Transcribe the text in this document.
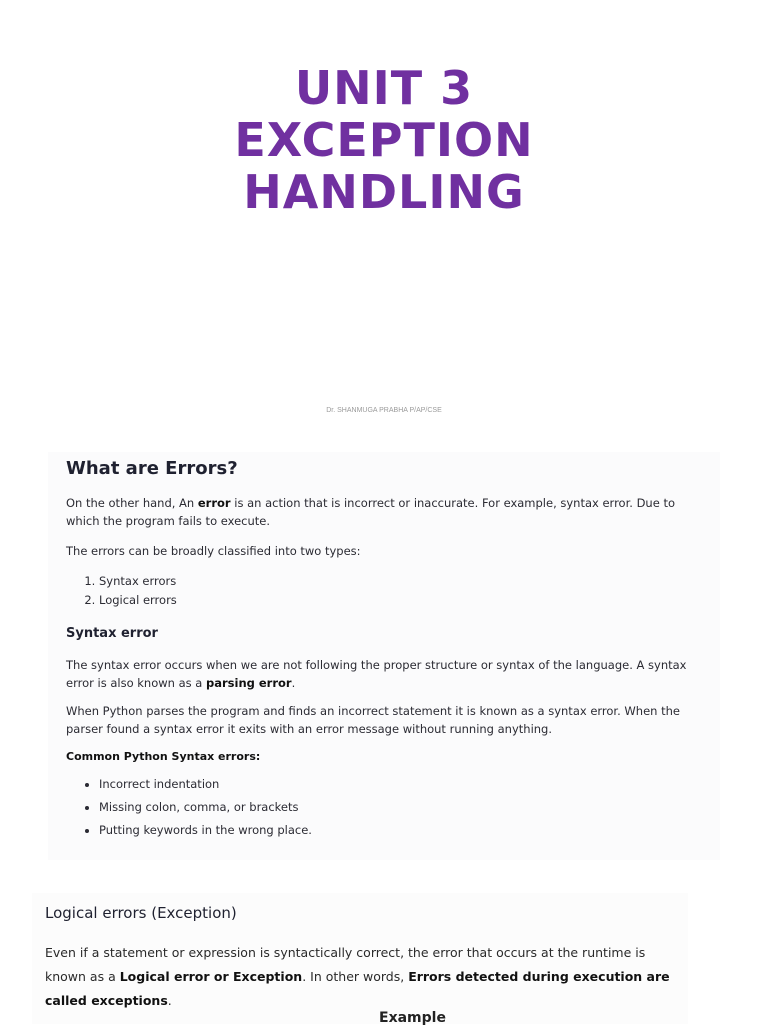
UNIT 3
EXCEPTION
HANDLING
Dr. SHANMUGA PRABHA P/AP/CSE
What are Errors?

On the other hand, An error is an action that is incorrect or inaccurate. For example, syntax error. Due to which the program fails to execute.

The errors can be broadly classified into two types:

1. Syntax errors
2. Logical errors
Syntax error

The syntax error occurs when we are not following the proper structure or syntax of the language. A syntax error is also known as a parsing error.

When Python parses the program and finds an incorrect statement it is known as a syntax error. When the parser found a syntax error it exits with an error message without running anything.

Common Python Syntax errors:

• Incorrect indentation
• Missing colon, comma, or brackets
• Putting keywords in the wrong place.
Logical errors (Exception)

Even if a statement or expression is syntactically correct, the error that occurs at the runtime is known as a Logical error or Exception. In other words, Errors detected during execution are called exceptions.

Example
